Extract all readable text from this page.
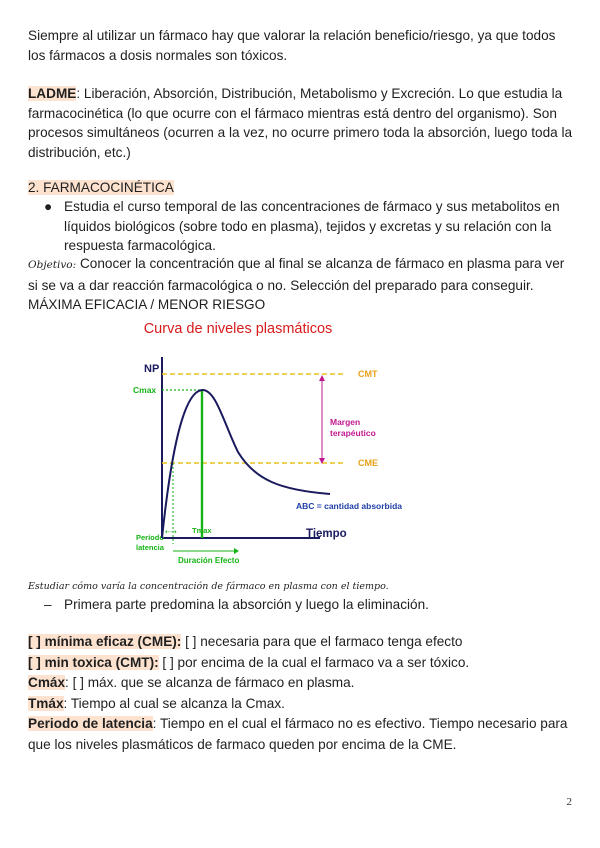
Siempre al utilizar un fármaco hay que valorar la relación beneficio/riesgo, ya que todos los fármacos a dosis normales son tóxicos.

LADME: Liberación, Absorción, Distribución, Metabolismo y Excreción. Lo que estudia la farmacocinética (lo que ocurre con el fármaco mientras está dentro del organismo). Son procesos simultáneos (ocurren a la vez, no ocurre primero toda la absorción, luego toda la distribución, etc.)

2. FARMACOCINÉTICA

● Estudia el curso temporal de las concentraciones de fármaco y sus metabolitos en líquidos biológicos (sobre todo en plasma), tejidos y excretas y su relación con la respuesta farmacológica.

Objetivo: Conocer la concentración que al final se alcanza de fármaco en plasma para ver si se va a dar reacción farmacológica o no. Selección del preparado para conseguir. MÁXIMA EFICACIA / MENOR RIESGO

Curva de niveles plasmáticos
NP
Tiempo
CMT
CME
Cmax
Tmax
Período
latencia
⇠⇢
Duración Efecto
Margen
terapéutico
ABC = cantidad absorbida

Estudiar cómo varía la concentración de fármaco en plasma con el tiempo.

– Primera parte predomina la absorción y luego la eliminación.

[ ] mínima eficaz (CME): [ ] necesaria para que el farmaco tenga efecto
[ ] min toxica (CMT): [ ] por encima de la cual el farmaco va a ser tóxico.
Cmáx: [ ] máx. que se alcanza de fármaco en plasma.
Tmáx: Tiempo al cual se alcanza la Cmax.
Periodo de latencia: Tiempo en el cual el fármaco no es efectivo. Tiempo necesario para que los niveles plasmáticos de farmaco queden por encima de la CME.

2
